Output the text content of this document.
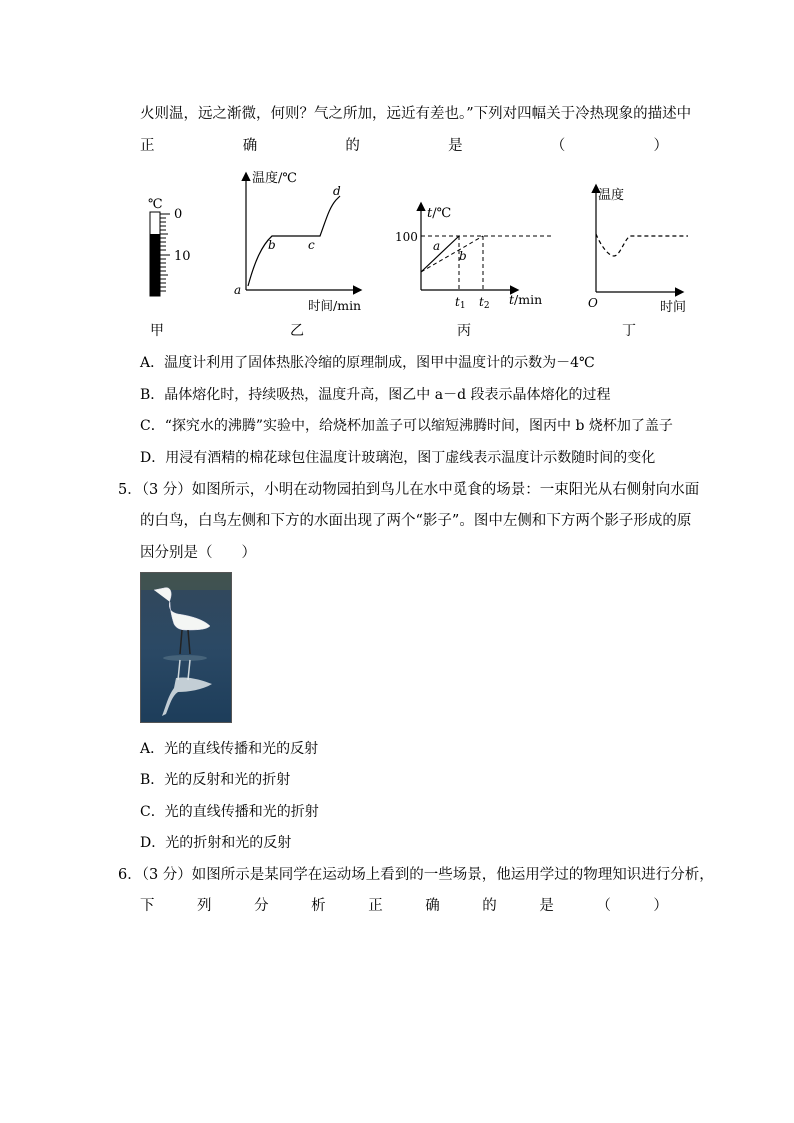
火则温，远之渐微，何则？气之所加，远近有差也。”下列对四幅关于冷热现象的描述中
正	确	的	是	（	）
℃
0
10
温度/℃
时间/min
a
b	c
d
t/℃
100
a
b
t1 t2 t/min
温度
O	时间
甲	乙	丙	丁
A．温度计利用了固体热胀冷缩的原理制成，图甲中温度计的示数为－4℃
B．晶体熔化时，持续吸热，温度升高，图乙中 a－d 段表示晶体熔化的过程
C．“探究水的沸腾”实验中，给烧杯加盖子可以缩短沸腾时间，图丙中 b 烧杯加了盖子
D．用浸有酒精的棉花球包住温度计玻璃泡，图丁虚线表示温度计示数随时间的变化
5．（3 分）如图所示，小明在动物园拍到鸟儿在水中觅食的场景：一束阳光从右侧射向水面
的白鸟，白鸟左侧和下方的水面出现了两个“影子”。图中左侧和下方两个影子形成的原
因分别是（　　）
A．光的直线传播和光的反射
B．光的反射和光的折射
C．光的直线传播和光的折射
D．光的折射和光的反射
6．（3 分）如图所示是某同学在运动场上看到的一些场景，他运用学过的物理知识进行分析，
下	列	分	析	正	确	的	是	（	）
